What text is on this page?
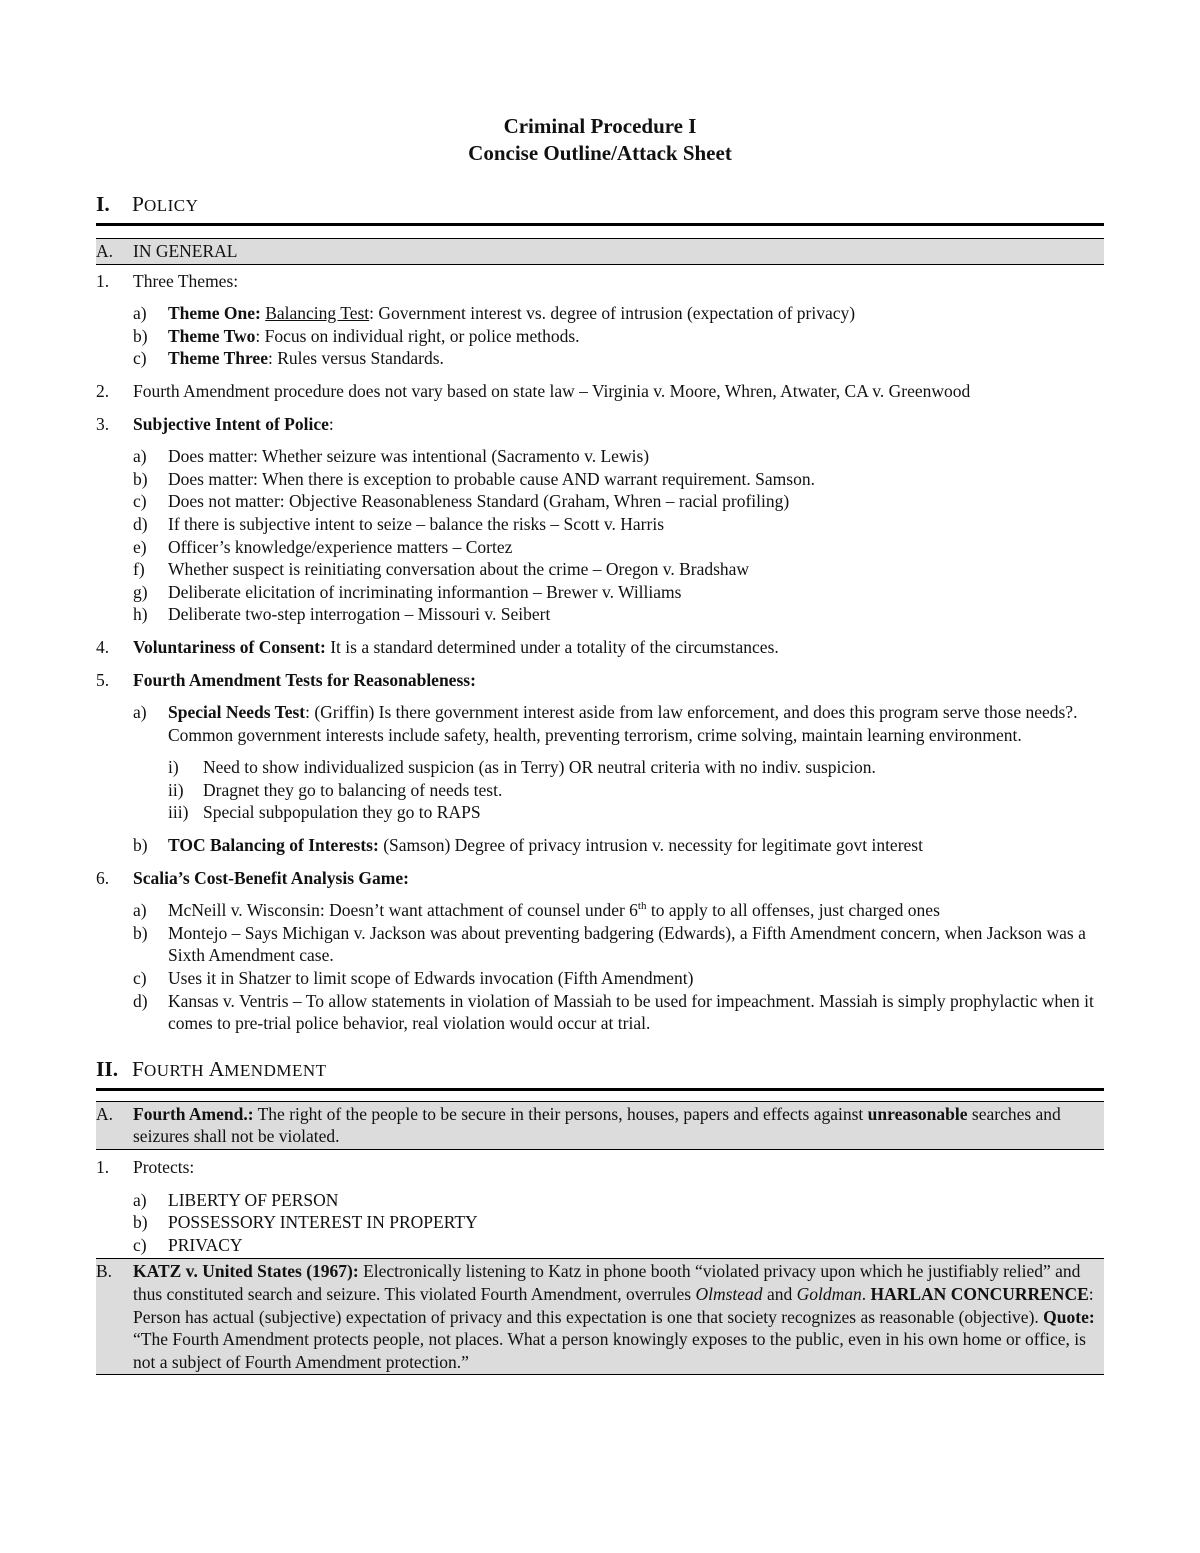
Criminal Procedure I
Concise Outline/Attack Sheet
I. POLICY
A.	IN GENERAL
1.	Three Themes:
a)	Theme One: Balancing Test: Government interest vs. degree of intrusion (expectation of privacy)
b)	Theme Two: Focus on individual right, or police methods.
c)	Theme Three: Rules versus Standards.
2.	Fourth Amendment procedure does not vary based on state law – Virginia v. Moore, Whren, Atwater, CA v. Greenwood
3.	Subjective Intent of Police:
a)	Does matter: Whether seizure was intentional (Sacramento v. Lewis)
b)	Does matter: When there is exception to probable cause AND warrant requirement. Samson.
c)	Does not matter: Objective Reasonableness Standard (Graham, Whren – racial profiling)
d)	If there is subjective intent to seize – balance the risks – Scott v. Harris
e)	Officer’s knowledge/experience matters – Cortez
f)	Whether suspect is reinitiating conversation about the crime – Oregon v. Bradshaw
g)	Deliberate elicitation of incriminating informantion – Brewer v. Williams
h)	Deliberate two-step interrogation – Missouri v. Seibert
4.	Voluntariness of Consent: It is a standard determined under a totality of the circumstances.
5.	Fourth Amendment Tests for Reasonableness:
a)	Special Needs Test: (Griffin) Is there government interest aside from law enforcement, and does this program serve those needs?. Common government interests include safety, health, preventing terrorism, crime solving, maintain learning environment.
i)	Need to show individualized suspicion (as in Terry) OR neutral criteria with no indiv. suspicion.
ii)	Dragnet they go to balancing of needs test.
iii) Special subpopulation they go to RAPS
b)	TOC Balancing of Interests: (Samson) Degree of privacy intrusion v. necessity for legitimate govt interest
6.	Scalia’s Cost-Benefit Analysis Game:
a)	McNeill v. Wisconsin: Doesn’t want attachment of counsel under 6th to apply to all offenses, just charged ones
b)	Montejo – Says Michigan v. Jackson was about preventing badgering (Edwards), a Fifth Amendment concern, when Jackson was a Sixth Amendment case.
c)	Uses it in Shatzer to limit scope of Edwards invocation (Fifth Amendment)
d)	Kansas v. Ventris – To allow statements in violation of Massiah to be used for impeachment. Massiah is simply prophylactic when it comes to pre-trial police behavior, real violation would occur at trial.
II. FOURTH AMENDMENT
A.	Fourth Amend.: The right of the people to be secure in their persons, houses, papers and effects against unreasonable searches and seizures shall not be violated.
1.	Protects:
a)	LIBERTY OF PERSON
b)	POSSESSORY INTEREST IN PROPERTY
c)	PRIVACY
B.	KATZ v. United States (1967): Electronically listening to Katz in phone booth “violated privacy upon which he justifiably relied” and thus constituted search and seizure. This violated Fourth Amendment, overrules Olmstead and Goldman. HARLAN CONCURRENCE: Person has actual (subjective) expectation of privacy and this expectation is one that society recognizes as reasonable (objective). Quote: “The Fourth Amendment protects people, not places. What a person knowingly exposes to the public, even in his own home or office, is not a subject of Fourth Amendment protection.”
